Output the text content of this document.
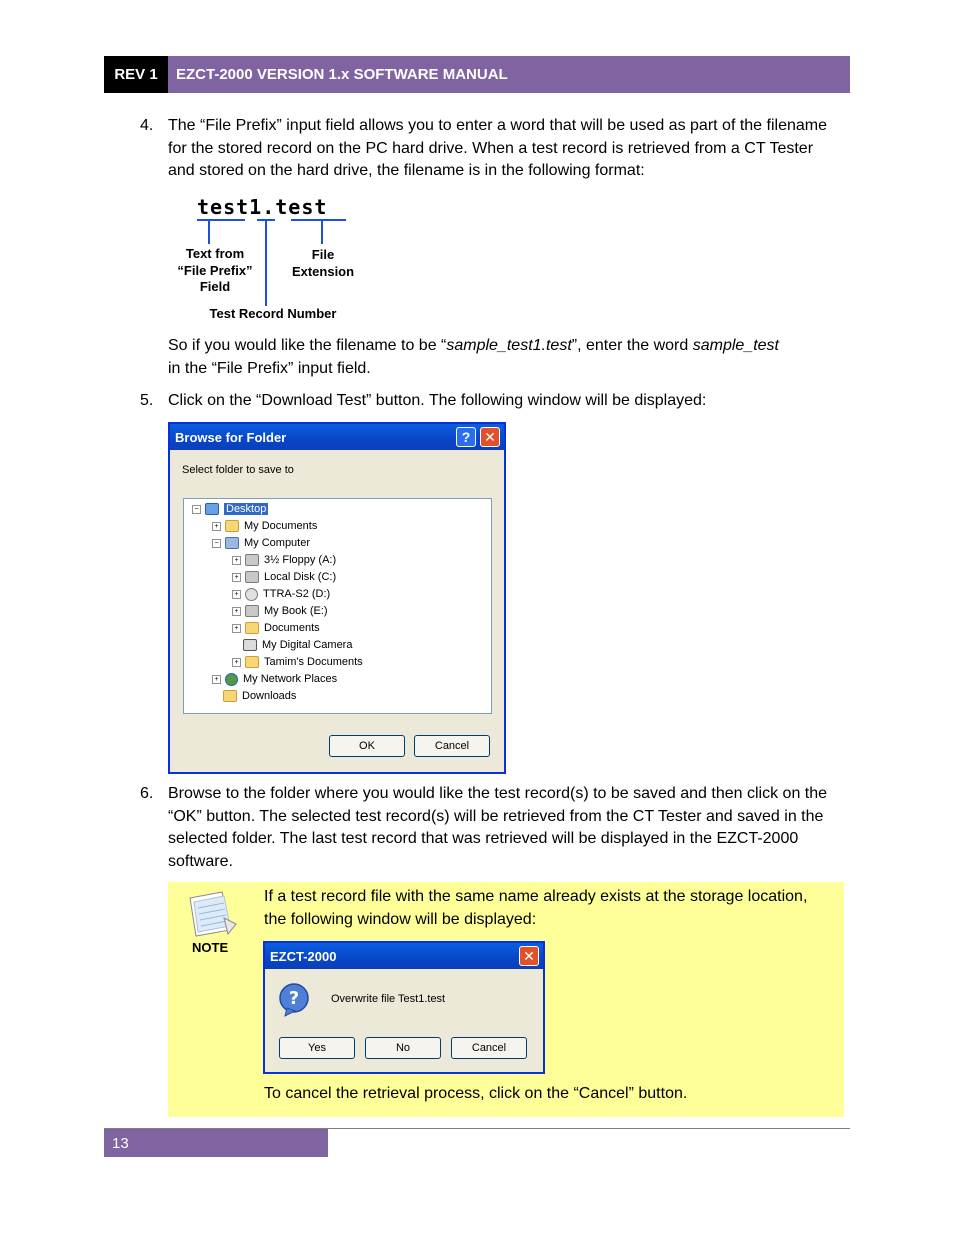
REV 1	EZCT-2000 VERSION 1.x SOFTWARE MANUAL
4. The “File Prefix” input field allows you to enter a word that will be used as part of the filename for the stored record on the PC hard drive. When a test record is retrieved from a CT Tester and stored on the hard drive, the filename is in the following format:

test1.test
Text from
“File Prefix”
Field
File
Extension
Test Record Number

So if you would like the filename to be “sample_test1.test”, enter the word sample_test
in the “File Prefix” input field.

5. Click on the “Download Test” button. The following window will be displayed:

Browse for Folder	? ✕
Select folder to save to
− Desktop
+ My Documents
− My Computer
+ 3½ Floppy (A:)
+ Local Disk (C:)
+ TTRA-S2 (D:)
+ My Book (E:)
+ Documents
My Digital Camera
+ Tamim's Documents
+ My Network Places
Downloads
OK	Cancel
6. Browse to the folder where you would like the test record(s) to be saved and then click on the “OK” button. The selected test record(s) will be retrieved from the CT Tester and saved in the selected folder. The last test record that was retrieved will be displayed in the EZCT-2000 software.

NOTE

If a test record file with the same name already exists at the storage location, the following window will be displayed:

EZCT-2000	✕
?	Overwrite file Test1.test
Yes	No	Cancel

To cancel the retrieval process, click on the “Cancel” button.

13
